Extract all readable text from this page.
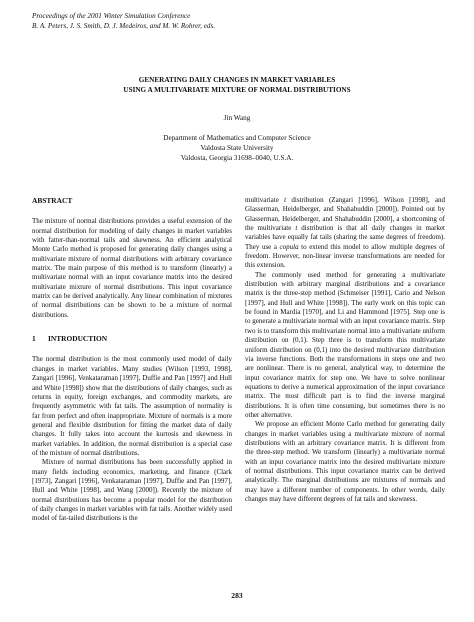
Proceedings of the 2001 Winter Simulation Conference
B. A. Peters, J. S. Smith, D. J. Medeiros, and M. W. Rohrer, eds.
GENERATING DAILY CHANGES IN MARKET VARIABLES
USING A MULTIVARIATE MIXTURE OF NORMAL DISTRIBUTIONS
Jin Wang
Department of Mathematics and Computer Science
Valdosta State University
Valdosta, Georgia 31698–0040, U.S.A.
ABSTRACT

The mixture of normal distributions provides a useful extension of the normal distribution for modeling of daily changes in market variables with fatter-than-normal tails and skewness. An efficient analytical Monte Carlo method is proposed for generating daily changes using a multivariate mixture of normal distributions with arbitrary covariance matrix. The main purpose of this method is to transform (linearly) a multivariate normal with an input covariance matrix into the desired multivariate mixture of normal distributions. This input covariance matrix can be derived analytically. Any linear combination of mixtures of normal distributions can be shown to be a mixture of normal distributions.

1 INTRODUCTION

The normal distribution is the most commonly used model of daily changes in market variables. Many studies (Wilson [1993, 1998], Zangari [1996], Venkataraman [1997], Duffie and Pan [1997] and Hull and White [1998]) show that the distributions of daily changes, such as returns in equity, foreign exchanges, and commodity markets, are frequently asymmetric with fat tails. The assumption of normality is far from perfect and often inappropriate. Mixture of normals is a more general and flexible distribution for fitting the market data of daily changes. It fully takes into account the kurtosis and skewness in market variables. In addition, the normal distribution is a special case of the mixture of normal distributions.

Mixture of normal distributions has been successfully applied in many fields including economics, marketing, and finance (Clark [1973], Zangari [1996], Venkataraman [1997], Duffie and Pan [1997], Hull and White [1998], and Wang [2000]). Recently the mixture of normal distributions has become a popular model for the distribution of daily changes in market variables with fat tails. Another widely used model of fat-tailed distributions is the

multivariate t distribution (Zangari [1996], Wilson [1998], and Glasserman, Heidelberger, and Shahabuddin [2000]). Pointed out by Glasserman, Heidelberger, and Shahabuddin [2000], a shortcoming of the multivariate t distribution is that all daily changes in market variables have equally fat tails (sharing the same degrees of freedom). They use a copula to extend this model to allow multiple degrees of freedom. However, non-linear inverse transformations are needed for this extension.

The commonly used method for generating a multivariate distribution with arbitrary marginal distributions and a covariance matrix is the three-step method (Schmeiser [1991], Cario and Nelson [1997], and Hull and White [1998]). The early work on this topic can be found in Mardia [1970], and Li and Hammond [1975]. Step one is to generate a multivariate normal with an input covariance matrix. Step two is to transform this multivariate normal into a multivariate uniform distribution on (0,1). Step three is to transform this multivariate uniform distribution on (0,1) into the desired multivariate distribution via inverse functions. Both the transformations in steps one and two are nonlinear. There is no general, analytical way, to determine the input covariance matrix for step one. We have to solve nonlinear equations to derive a numerical approximation of the input covariance matrix. The most difficult part is to find the inverse marginal distributions. It is often time consuming, but sometimes there is no other alternative.

We propose an efficient Monte Carlo method for generating daily changes in market variables using a multivariate mixture of normal distributions with an arbitrary covariance matrix. It is different from the three-step method. We transform (linearly) a multivariate normal with an input covariance matrix into the desired multivariate mixture of normal distributions. This input covariance matrix can be derived analytically. The marginal distributions are mixtures of normals and may have a different number of components. In other words, daily changes may have different degrees of fat tails and skewness.

283
